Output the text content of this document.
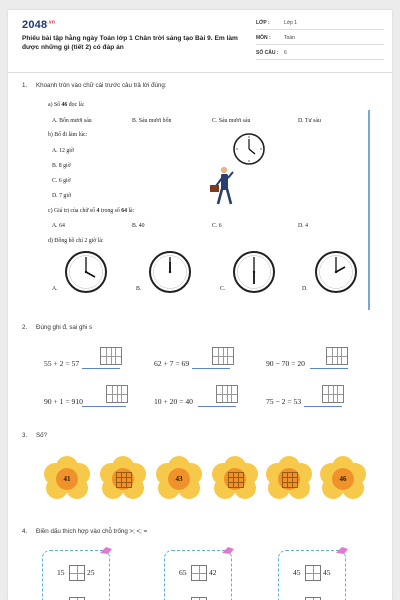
$2048^{.vn}$
Phiếu bài tập hằng ngày Toán lớp 1 Chân trời sáng tạo Bài 9. Em làm được những gì (tiết 2) có đáp án
LỚP :	Lớp 1
MÔN :	Toán
SỐ CÂU : 6
1. Khoanh tròn vào chữ cái trước câu trả lời đúng:
a) Số 46 đọc là:
A. Bốn mươi sáu	B. Sáu mươi bốn	C. Sáu mươi sáu	D. Tư sáu
b) Bố đi làm lúc:
A. 12 giờ
B. 8 giờ
C. 6 giờ
D. 7 giờ
c) Giá trị của chữ số 4 trong số 64 là:
A. 64	B. 40	C. 6	D. 4
d) Đồng hồ chỉ 2 giờ là:
A.	B.	C.	D.
2. Đúng ghi đ, sai ghi s
55 + 2 = 57	62 + 7 = 69	90 − 70 = 20
90 + 1 = 910	10 + 20 = 40	75 − 2 = 53
3. Số?
41	43	46
4. Điền dấu thích hợp vào chỗ trống >; <; =
15	25	65	42	45	45
